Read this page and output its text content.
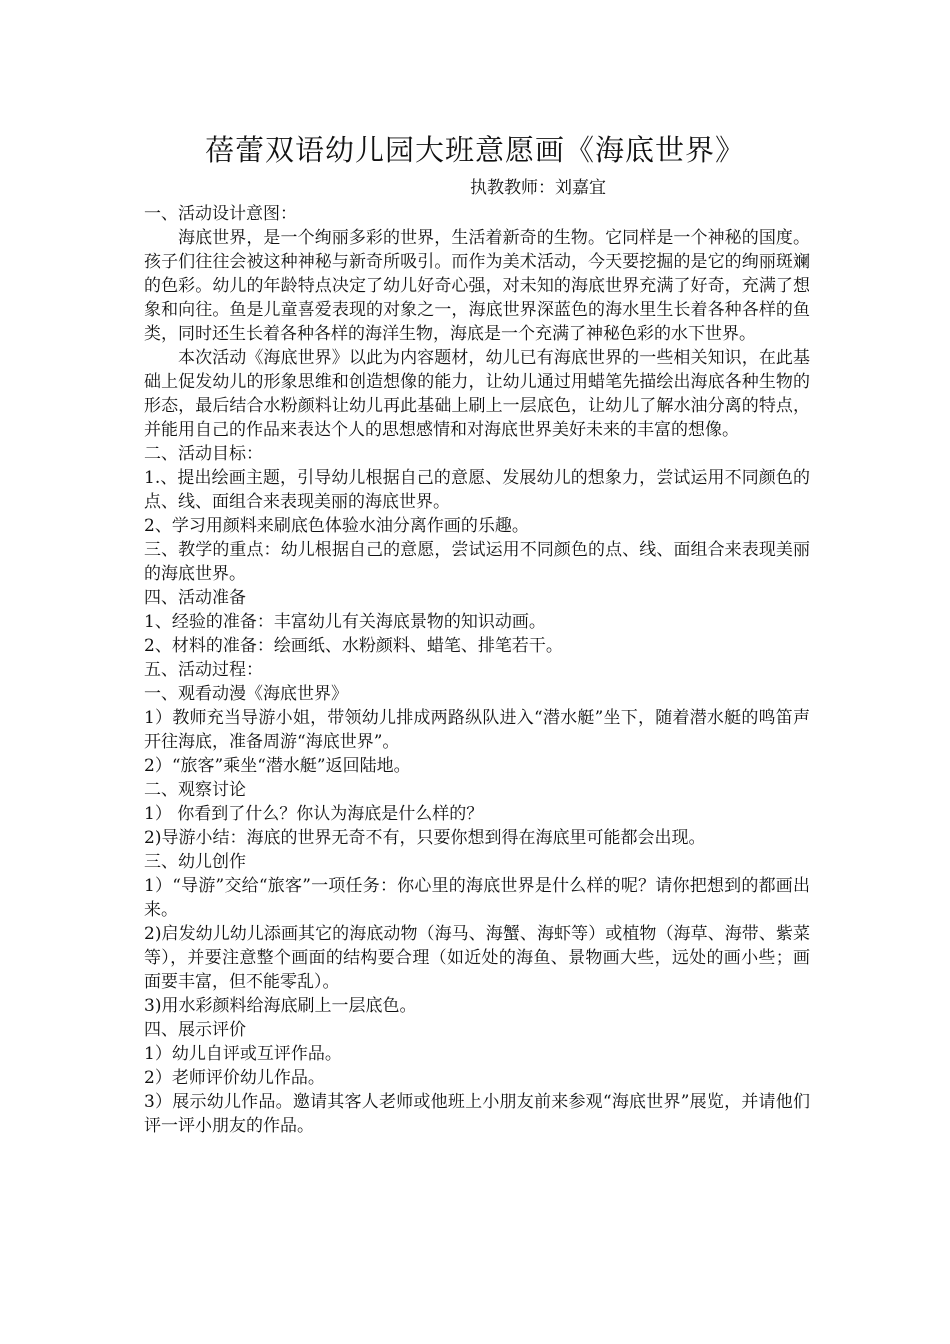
蓓蕾双语幼儿园大班意愿画《海底世界》
执教教师：刘嘉宜

一、活动设计意图：

海底世界，是一个绚丽多彩的世界，生活着新奇的生物。它同样是一个神秘的国度。孩子们往往会被这种神秘与新奇所吸引。而作为美术活动，今天要挖掘的是它的绚丽斑斓的色彩。幼儿的年龄特点决定了幼儿好奇心强，对未知的海底世界充满了好奇，充满了想象和向往。鱼是儿童喜爱表现的对象之一，海底世界深蓝色的海水里生长着各种各样的鱼类，同时还生长着各种各样的海洋生物，海底是一个充满了神秘色彩的水下世界。

本次活动《海底世界》以此为内容题材，幼儿已有海底世界的一些相关知识，在此基础上促发幼儿的形象思维和创造想像的能力，让幼儿通过用蜡笔先描绘出海底各种生物的形态，最后结合水粉颜料让幼儿再此基础上刷上一层底色，让幼儿了解水油分离的特点，并能用自己的作品来表达个人的思想感情和对海底世界美好未来的丰富的想像。

二、活动目标：

1.、提出绘画主题，引导幼儿根据自己的意愿、发展幼儿的想象力，尝试运用不同颜色的点、线、面组合来表现美丽的海底世界。

2、学习用颜料来刷底色体验水油分离作画的乐趣。

三、教学的重点：幼儿根据自己的意愿，尝试运用不同颜色的点、线、面组合来表现美丽的海底世界。

四、活动准备

1、经验的准备：丰富幼儿有关海底景物的知识动画。

2、材料的准备：绘画纸、水粉颜料、蜡笔、排笔若干。

五、活动过程：

一、观看动漫《海底世界》

1）教师充当导游小姐，带领幼儿排成两路纵队进入“潜水艇”坐下，随着潜水艇的鸣笛声开往海底，准备周游“海底世界”。

2）“旅客”乘坐“潜水艇”返回陆地。

二、观察讨论

1） 你看到了什么？你认为海底是什么样的？

2)导游小结：海底的世界无奇不有，只要你想到得在海底里可能都会出现。

三、幼儿创作

1）“导游”交给“旅客”一项任务：你心里的海底世界是什么样的呢？请你把想到的都画出来。

2)启发幼儿幼儿添画其它的海底动物（海马、海蟹、海虾等）或植物（海草、海带、紫菜等），并要注意整个画面的结构要合理（如近处的海鱼、景物画大些，远处的画小些；画面要丰富，但不能零乱）。

3)用水彩颜料给海底刷上一层底色。

四、展示评价

1）幼儿自评或互评作品。

2）老师评价幼儿作品。

3）展示幼儿作品。邀请其客人老师或他班上小朋友前来参观“海底世界”展览，并请他们评一评小朋友的作品。
